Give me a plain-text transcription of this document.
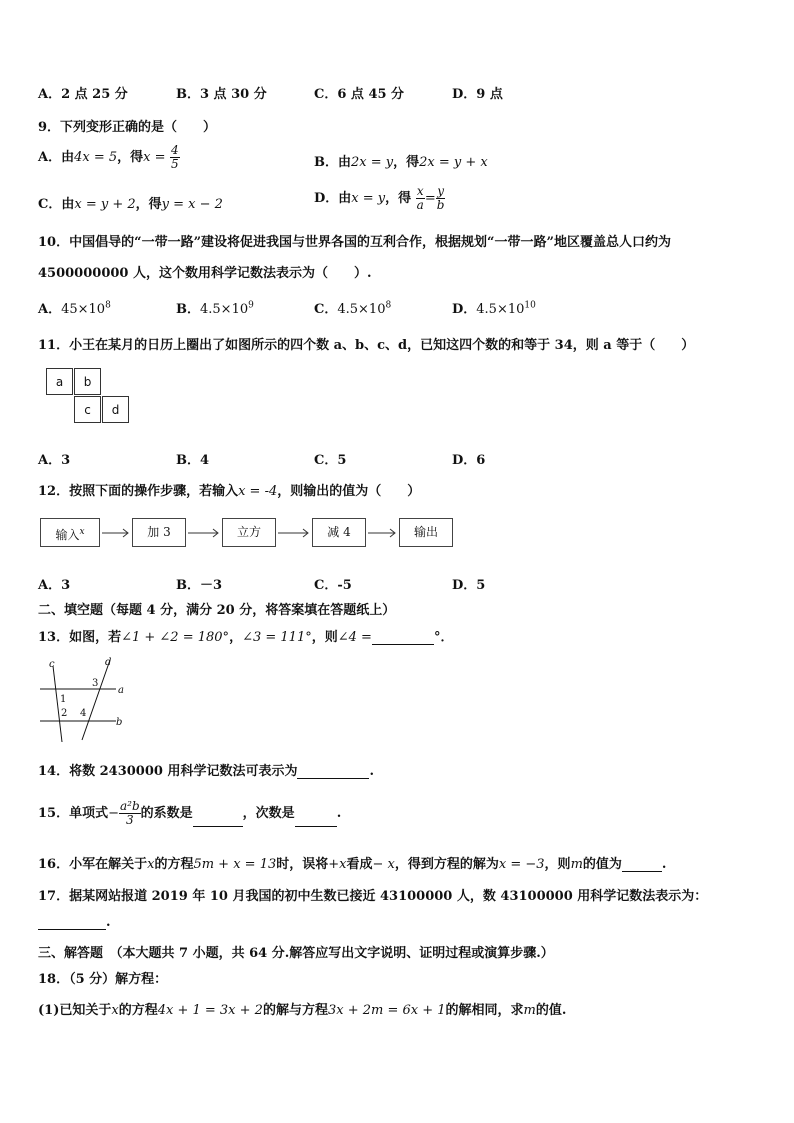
A．2 点 25 分	B．3 点 30 分	C．6 点 45 分	D．9 点
9．下列变形正确的是（　　）
A．由4x = 5，得$x = \frac{4}{5}$	B．由2x = y，得2x = y + x
C．由x = y + 2，得y = x − 2	D．由x = y，得 $\frac{x}{a} = \frac{y}{b}$
10．中国倡导的“一带一路”建设将促进我国与世界各国的互利合作，根据规划“一带一路”地区覆盖总人口约为
4500000000 人，这个数用科学记数法表示为（　　）.
A．$45\times 10^8$	B．$4.5\times 10^9$	C．$4.5\times 10^8$	D．$4.5\times 10^{10}$
11．小王在某月的日历上圈出了如图所示的四个数 a、b、c、d，已知这四个数的和等于 34，则 a 等于（　　）
a	b
c	d
A．3	B．4	C．5	D．6
12．按照下面的操作步骤，若输入x = -4，则输出的值为（　　）
输入$^x$	加 3	立方	减 4	输出
A．3	B．－3	C．-5	D．5
二、填空题（每题 4 分，满分 20 分，将答案填在答题纸上）
13．如图，若∠1 + ∠2 = 180°，∠3 = 111°，则∠4 =	°．
c	d
a
b
1
2
3
4
14．将数 2430000 用科学记数法可表示为	.
15．单项式− $\frac{\text{a²b}}{3}$ 的系数是	，次数是	.
16．小军在解关于x的方程5m + x = 13时，误将+x看成− x，得到方程的解为x = −3，则m的值为	.
17．据某网站报道 2019 年 10 月我国的初中生数已接近 43100000 人，数 43100000 用科学记数法表示为：
.
三、解答题　（本大题共 7 小题，共 64 分.解答应写出文字说明、证明过程或演算步骤.）
18．（5 分）解方程：
(1)已知关于x的方程4x + 1 = 3x + 2的解与方程3x + 2m = 6x + 1的解相同，求m的值.
